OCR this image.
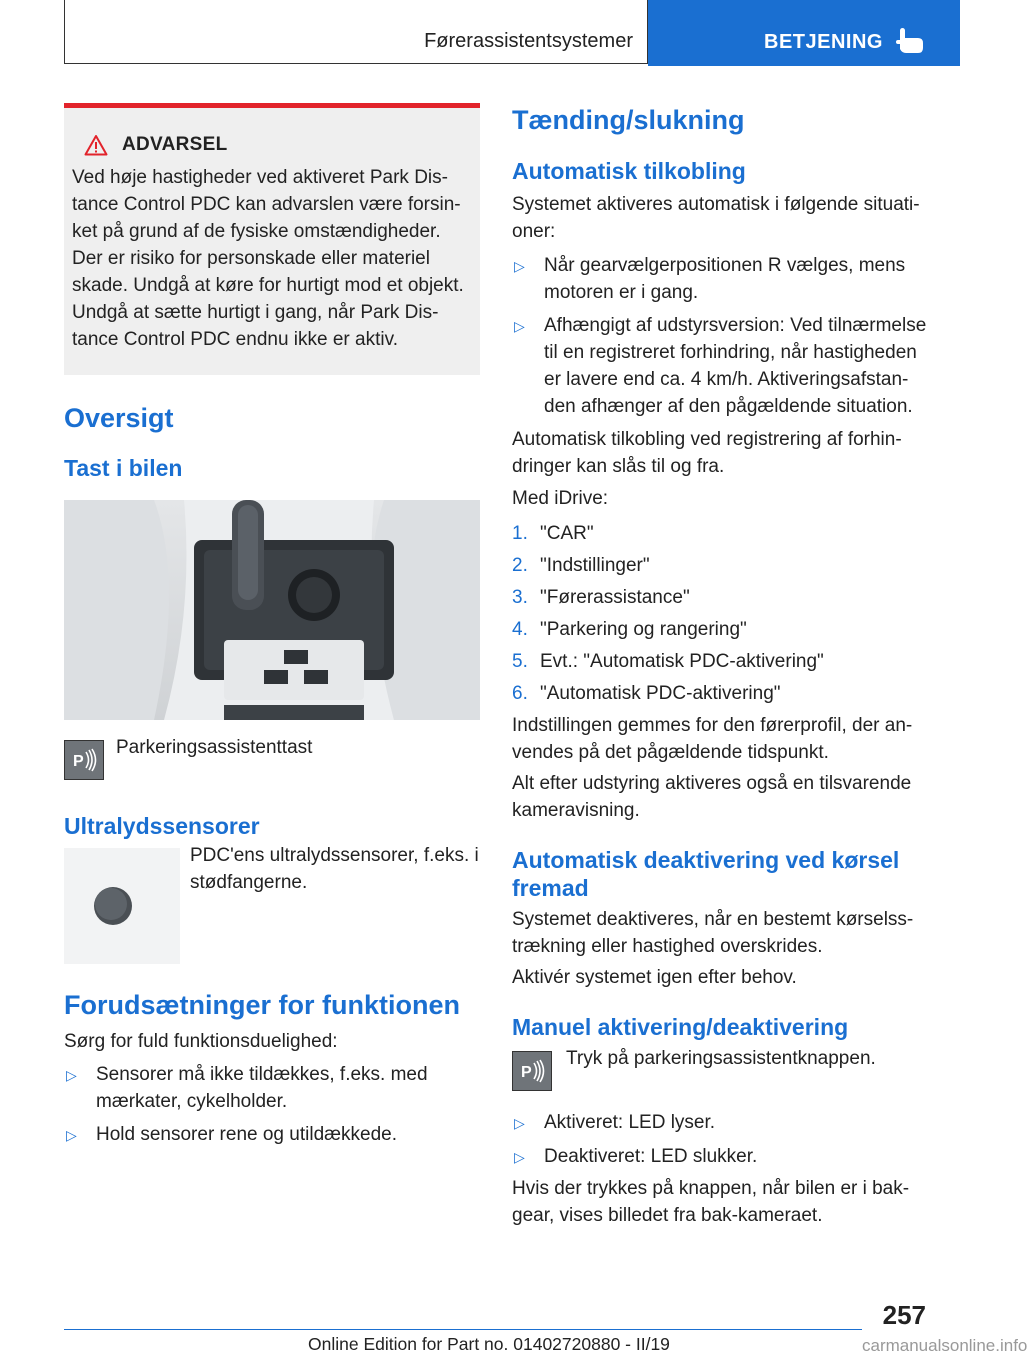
Førerassistentsystemer	BETJENING
ADVARSEL

Ved høje hastigheder ved aktiveret Park Dis-tance Control PDC kan advarslen være forsin-ket på grund af de fysiske omstændigheder. Der er risiko for personskade eller materiel skade. Undgå at køre for hurtigt mod et objekt. Undgå at sætte hurtigt i gang, når Park Dis-tance Control PDC endnu ikke er aktiv.

Oversigt
Tast i bilen
P
Parkeringsassistenttast
Ultralydssensorer

PDC'ens ultralydssensorer, f.eks. i stødfangerne.

Forudsætninger for funktionen

Sørg for fuld funktionsduelighed:

▷	Sensorer må ikke tildækkes, f.eks. med mærkater, cykelholder.
▷	Hold sensorer rene og utildækkede.
Tænding/slukning
Automatisk tilkobling

Systemet aktiveres automatisk i følgende situati-oner:

▷	Når gearvælgerpositionen R vælges, mens motoren er i gang.
▷	Afhængigt af udstyrsversion: Ved tilnærmelse til en registreret forhindring, når hastigheden er lavere end ca. 4 km/h. Aktiveringsafstan-den afhænger af den pågældende situation.

Automatisk tilkobling ved registrering af forhin-dringer kan slås til og fra.

Med iDrive:

1. "CAR"
2. "Indstillinger"
3. "Førerassistance"
4. "Parkering og rangering"
5. Evt.: "Automatisk PDC-aktivering"
6. "Automatisk PDC-aktivering"

Indstillingen gemmes for den førerprofil, der an-vendes på det pågældende tidspunkt.

Alt efter udstyring aktiveres også en tilsvarende kameravisning.

Automatisk deaktivering ved kørsel fremad

Systemet deaktiveres, når en bestemt kørselss-trækning eller hastighed overskrides.

Aktivér systemet igen efter behov.

Manuel aktivering/deaktivering
P
Tryk på parkeringsassistentknappen.
▷	Aktiveret: LED lyser.
▷	Deaktiveret: LED slukker.

Hvis der trykkes på knappen, når bilen er i bak-gear, vises billedet fra bak-kameraet.

257
Online Edition for Part no. 01402720880 - II/19	carmanualsonline.info
